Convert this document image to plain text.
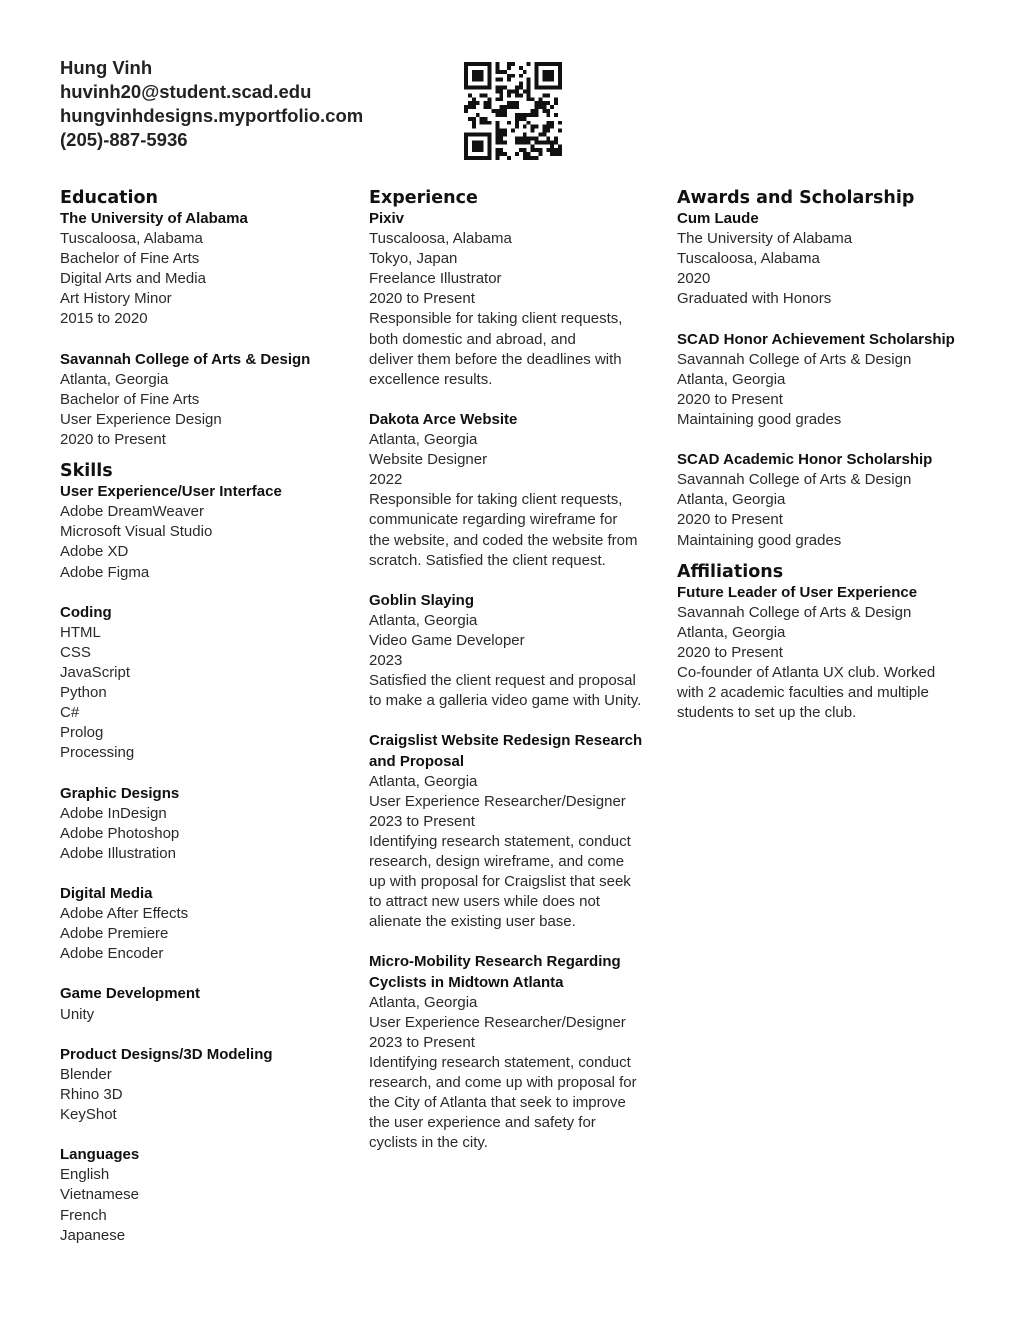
Hung Vinh
huvinh20@student.scad.edu
hungvinhdesigns.myportfolio.com
(205)-887-5936
Education

The University of Alabama

Tuscaloosa, Alabama

Bachelor of Fine Arts

Digital Arts and Media

Art History Minor

2015 to 2020

Savannah College of Arts & Design

Atlanta, Georgia

Bachelor of Fine Arts

User Experience Design

2020 to Present

Skills

User Experience/User Interface

Adobe DreamWeaver

Microsoft Visual Studio

Adobe XD

Adobe Figma

Coding

HTML

CSS

JavaScript

Python

C#

Prolog

Processing

Graphic Designs

Adobe InDesign

Adobe Photoshop

Adobe Illustration

Digital Media

Adobe After Effects

Adobe Premiere

Adobe Encoder

Game Development

Unity

Product Designs/3D Modeling

Blender

Rhino 3D

KeyShot

Languages

English

Vietnamese

French

Japanese

Experience

Pixiv

Tuscaloosa, Alabama

Tokyo, Japan

Freelance Illustrator

2020 to Present

Responsible for taking client requests,

both domestic and abroad, and

deliver them before the deadlines with

excellence results.

Dakota Arce Website

Atlanta, Georgia

Website Designer

2022

Responsible for taking client requests,

communicate regarding wireframe for

the website, and coded the website from

scratch. Satisfied the client request.

Goblin Slaying

Atlanta, Georgia

Video Game Developer

2023

Satisfied the client request and proposal

to make a galleria video game with Unity.

Craigslist Website Redesign Research

and Proposal

Atlanta, Georgia

User Experience Researcher/Designer

2023 to Present

Identifying research statement, conduct

research, design wireframe, and come

up with proposal for Craigslist that seek

to attract new users while does not

alienate the existing user base.

Micro-Mobility Research Regarding

Cyclists in Midtown Atlanta

Atlanta, Georgia

User Experience Researcher/Designer

2023 to Present

Identifying research statement, conduct

research, and come up with proposal for

the City of Atlanta that seek to improve

the user experience and safety for

cyclists in the city.

Awards and Scholarship

Cum Laude

The University of Alabama

Tuscaloosa, Alabama

2020

Graduated with Honors

SCAD Honor Achievement Scholarship

Savannah College of Arts & Design

Atlanta, Georgia

2020 to Present

Maintaining good grades

SCAD Academic Honor Scholarship

Savannah College of Arts & Design

Atlanta, Georgia

2020 to Present

Maintaining good grades

Affiliations

Future Leader of User Experience

Savannah College of Arts & Design

Atlanta, Georgia

2020 to Present

Co-founder of Atlanta UX club. Worked

with 2 academic faculties and multiple

students to set up the club.
